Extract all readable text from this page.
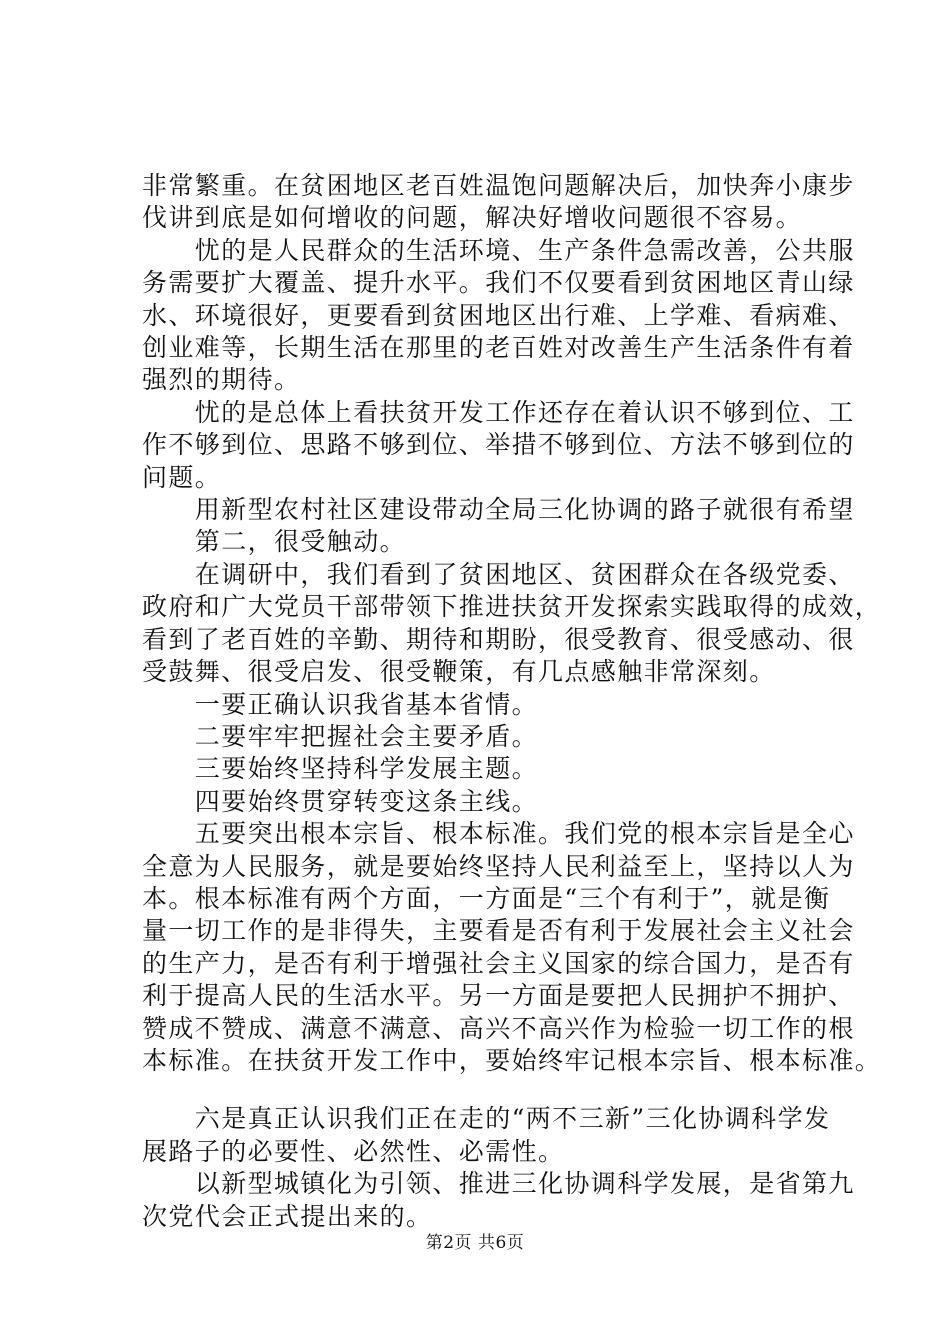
非常繁重。在贫困地区老百姓温饱问题解决后，加快奔小康步

伐讲到底是如何增收的问题，解决好增收问题很不容易。

　　忧的是人民群众的生活环境、生产条件急需改善，公共服

务需要扩大覆盖、提升水平。我们不仅要看到贫困地区青山绿

水、环境很好，更要看到贫困地区出行难、上学难、看病难、

创业难等，长期生活在那里的老百姓对改善生产生活条件有着

强烈的期待。

　　忧的是总体上看扶贫开发工作还存在着认识不够到位、工

作不够到位、思路不够到位、举措不够到位、方法不够到位的

问题。

　　用新型农村社区建设带动全局三化协调的路子就很有希望

　　第二，很受触动。

　　在调研中，我们看到了贫困地区、贫困群众在各级党委、

政府和广大党员干部带领下推进扶贫开发探索实践取得的成效，

看到了老百姓的辛勤、期待和期盼，很受教育、很受感动、很

受鼓舞、很受启发、很受鞭策，有几点感触非常深刻。

　　一要正确认识我省基本省情。

　　二要牢牢把握社会主要矛盾。

　　三要始终坚持科学发展主题。

　　四要始终贯穿转变这条主线。

　　五要突出根本宗旨、根本标准。我们党的根本宗旨是全心

全意为人民服务，就是要始终坚持人民利益至上，坚持以人为

本。根本标准有两个方面，一方面是“三个有利于”，就是衡

量一切工作的是非得失，主要看是否有利于发展社会主义社会

的生产力，是否有利于增强社会主义国家的综合国力，是否有

利于提高人民的生活水平。另一方面是要把人民拥护不拥护、

赞成不赞成、满意不满意、高兴不高兴作为检验一切工作的根

本标准。在扶贫开发工作中，要始终牢记根本宗旨、根本标准。

　　六是真正认识我们正在走的“两不三新”三化协调科学发

展路子的必要性、必然性、必需性。

　　以新型城镇化为引领、推进三化协调科学发展，是省第九

次党代会正式提出来的。

第2页 共6页
